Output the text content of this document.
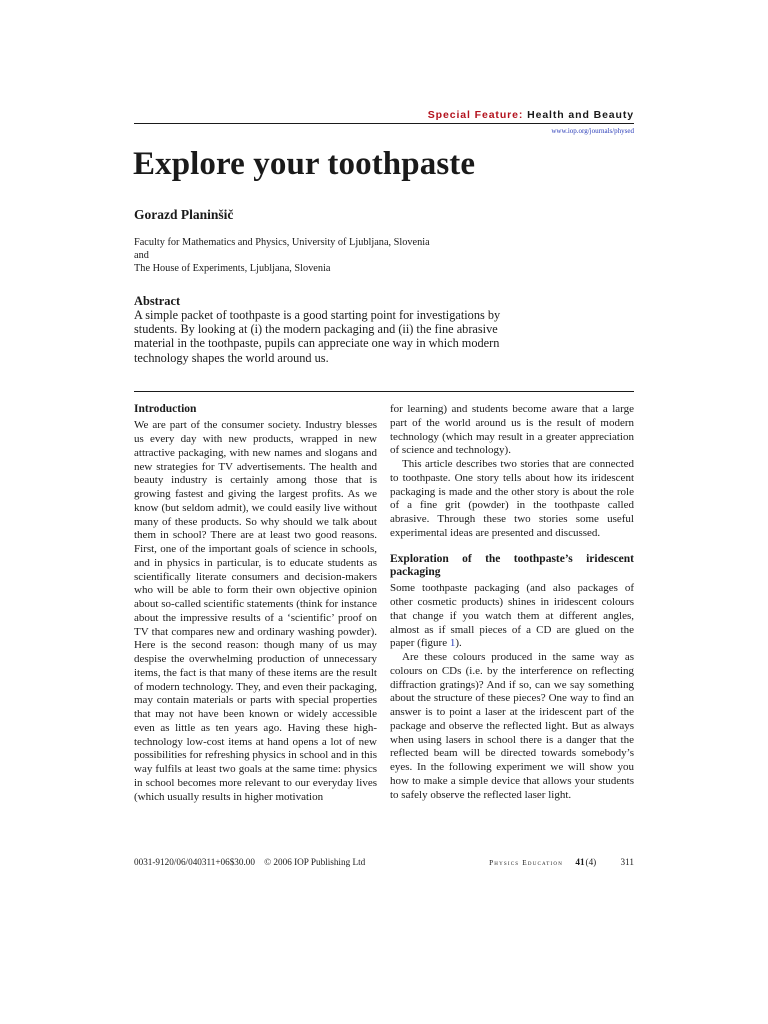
Special Feature: Health and Beauty
www.iop.org/journals/physed
Explore your toothpaste
Gorazd Planinšič
Faculty for Mathematics and Physics, University of Ljubljana, Slovenia
and
The House of Experiments, Ljubljana, Slovenia
Abstract
A simple packet of toothpaste is a good starting point for investigations by students. By looking at (i) the modern packaging and (ii) the fine abrasive material in the toothpaste, pupils can appreciate one way in which modern technology shapes the world around us.
Introduction

We are part of the consumer society. Industry blesses us every day with new products, wrapped in new attractive packaging, with new names and slogans and new strategies for TV advertisements. The health and beauty industry is certainly among those that is growing fastest and giving the largest profits. As we know (but seldom admit), we could easily live without many of these products. So why should we talk about them in school? There are at least two good reasons. First, one of the important goals of science in schools, and in physics in particular, is to educate students as scientifically literate consumers and decision-makers who will be able to form their own objective opinion about so-called scientific statements (think for instance about the impressive results of a ‘scientific’ proof on TV that compares new and ordinary washing powder). Here is the second reason: though many of us may despise the overwhelming production of unnecessary items, the fact is that many of these items are the result of modern technology. They, and even their packaging, may contain materials or parts with special properties that may not have been known or widely accessible even as little as ten years ago. Having these high-technology low-cost items at hand opens a lot of new possibilities for refreshing physics in school and in this way fulfils at least two goals at the same time: physics in school becomes more relevant to our everyday lives (which usually results in higher motivation

for learning) and students become aware that a large part of the world around us is the result of modern technology (which may result in a greater appreciation of science and technology).

This article describes two stories that are connected to toothpaste. One story tells about how its iridescent packaging is made and the other story is about the role of a fine grit (powder) in the toothpaste called abrasive. Through these two stories some useful experimental ideas are presented and discussed.

Exploration of the toothpaste’s iridescent packaging

Some toothpaste packaging (and also packages of other cosmetic products) shines in iridescent colours that change if you watch them at different angles, almost as if small pieces of a CD are glued on the paper (figure 1).

Are these colours produced in the same way as colours on CDs (i.e. by the interference on reflecting diffraction gratings)? And if so, can we say something about the structure of these pieces? One way to find an answer is to point a laser at the iridescent part of the package and observe the reflected light. But as always when using lasers in school there is a danger that the reflected beam will be directed towards somebody’s eyes. In the following experiment we will show you how to make a simple device that allows your students to safely observe the reflected laser light.

0031-9120/06/040311+06$30.00 © 2006 IOP Publishing Ltd	Physics Education 41(4)	311
